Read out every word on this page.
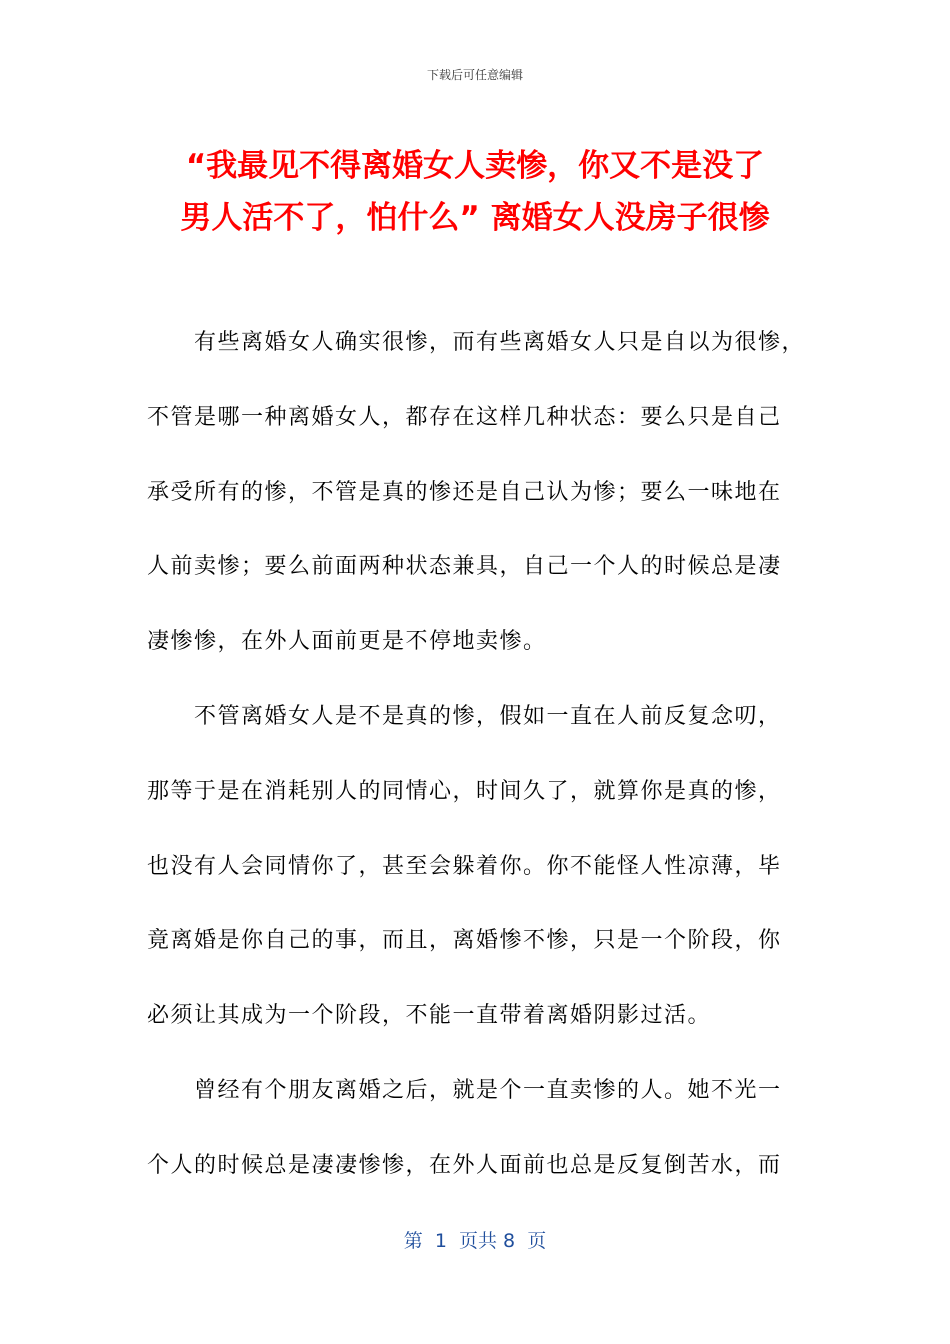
下载后可任意编辑
“我最见不得离婚女人卖惨，你又不是没了
男人活不了，怕什么” 离婚女人没房子很惨
有些离婚女人确实很惨，而有些离婚女人只是自以为很惨，
不管是哪一种离婚女人，都存在这样几种状态：要么只是自己
承受所有的惨，不管是真的惨还是自己认为惨；要么一味地在
人前卖惨；要么前面两种状态兼具，自己一个人的时候总是凄
凄惨惨，在外人面前更是不停地卖惨。
不管离婚女人是不是真的惨，假如一直在人前反复念叨，
那等于是在消耗别人的同情心，时间久了，就算你是真的惨，
也没有人会同情你了，甚至会躲着你。你不能怪人性凉薄，毕
竟离婚是你自己的事，而且，离婚惨不惨，只是一个阶段，你
必须让其成为一个阶段，不能一直带着离婚阴影过活。
曾经有个朋友离婚之后，就是个一直卖惨的人。她不光一
个人的时候总是凄凄惨惨，在外人面前也总是反复倒苦水，而
第  1  页共 8  页
